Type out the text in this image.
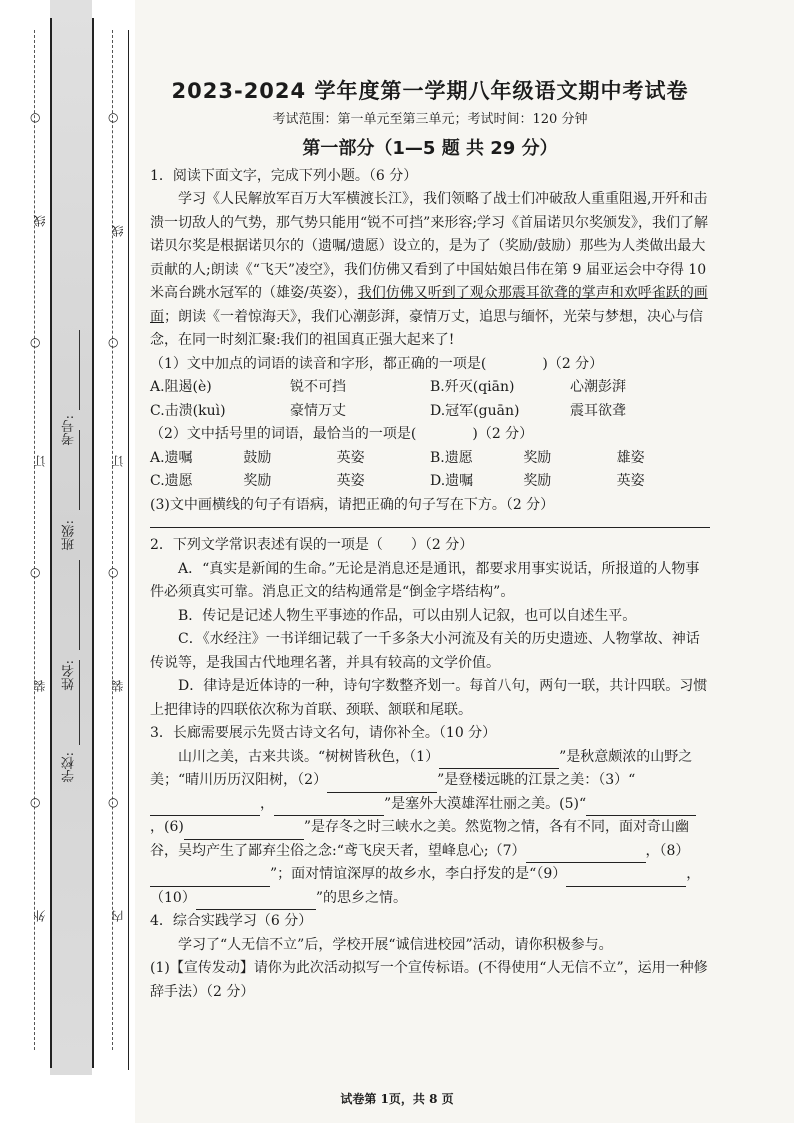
○
线
○
订
○
装
○
外
○
线
○
订
○
装
○
内
学校:
姓名:
班级:
考号:
2023-2024 学年度第一学期八年级语文期中考试卷
考试范围：第一单元至第三单元；考试时间：120 分钟
第一部分（1—5 题 共 29 分）

1．阅读下面文字，完成下列小题。（6 分）

学习《人民解放军百万大军横渡长江》，我们领略了战士们冲破敌人重重阻遏,开歼和击溃一切敌人的气势，那气势只能用“锐不可挡”来形容;学习《首届诺贝尔奖颁发》，我们了解诺贝尔奖是根据诺贝尔的（遗嘱/遗愿）设立的，是为了（奖励/鼓励）那些为人类做出最大贡献的人;朗读《“飞天”凌空》，我们仿佛又看到了中国姑娘吕伟在第 9 届亚运会中夺得 10 米高台跳水冠军的（雄姿/英姿），我们仿佛又听到了观众那震耳欲聋的掌声和欢呼雀跃的画面；朗读《一着惊海天》，我们心潮彭湃，豪情万丈，追思与缅怀，光荣与梦想，决心与信念，在同一时刻汇聚:我们的祖国真正强大起来了!

（1）文中加点的词语的读音和字形，都正确的一项是(　　　　)（2 分）

A.阻遏(è)	锐不可挡	B.歼灭(qiān)	心潮彭湃
C.击溃(kuì)	豪情万丈	D.冠军(guān)	震耳欲聋

（2）文中括号里的词语，最恰当的一项是(　　　　)（2 分）

A.遗嘱	鼓励	英姿	B.遗愿	奖励	雄姿
C.遗愿	奖励	英姿	D.遗嘱	奖励	英姿

(3)文中画横线的句子有语病，请把正确的句子写在下方。（2 分）

2．下列文学常识表述有误的一项是（　　）（2 分）

A．“真实是新闻的生命。”无论是消息还是通讯，都要求用事实说话，所报道的人物事件必须真实可靠。消息正文的结构通常是“倒金字塔结构”。

B．传记是记述人物生平事迹的作品，可以由别人记叙，也可以自述生平。

C．《水经注》一书详细记载了一千多条大小河流及有关的历史遗迹、人物掌故、神话传说等，是我国古代地理名著，并具有较高的文学价值。

D．律诗是近体诗的一种，诗句字数整齐划一。每首八句，两句一联，共计四联。习惯上把律诗的四联依次称为首联、颈联、颔联和尾联。

3．长廊需要展示先贤古诗文名句，请你补全。（10 分）

山川之美，古来共谈。“树树皆秋色，（1）	”是秋意颇浓的山野之美；“晴川历历汉阳树，（2）	”是登楼远眺的江景之美：（3）“，	”是塞外大漠雄浑壮丽之美。(5)“，(6)	”是存冬之时三峡水之美。然览物之情，各有不同，面对奇山幽谷，吴均产生了鄙弃尘俗之念:“鸢飞戾天者，望峰息心;（7）	，（8）”；面对情谊深厚的故乡水，李白抒发的是“（9）	，（10）	”的思乡之情。

4．综合实践学习（6 分）

学习了“人无信不立”后，学校开展“诚信进校园”活动，请你积极参与。

(1)【宣传发动】请你为此次活动拟写一个宣传标语。(不得使用“人无信不立”，运用一种修辞手法）（2 分）

试卷第 1页，共 8 页
